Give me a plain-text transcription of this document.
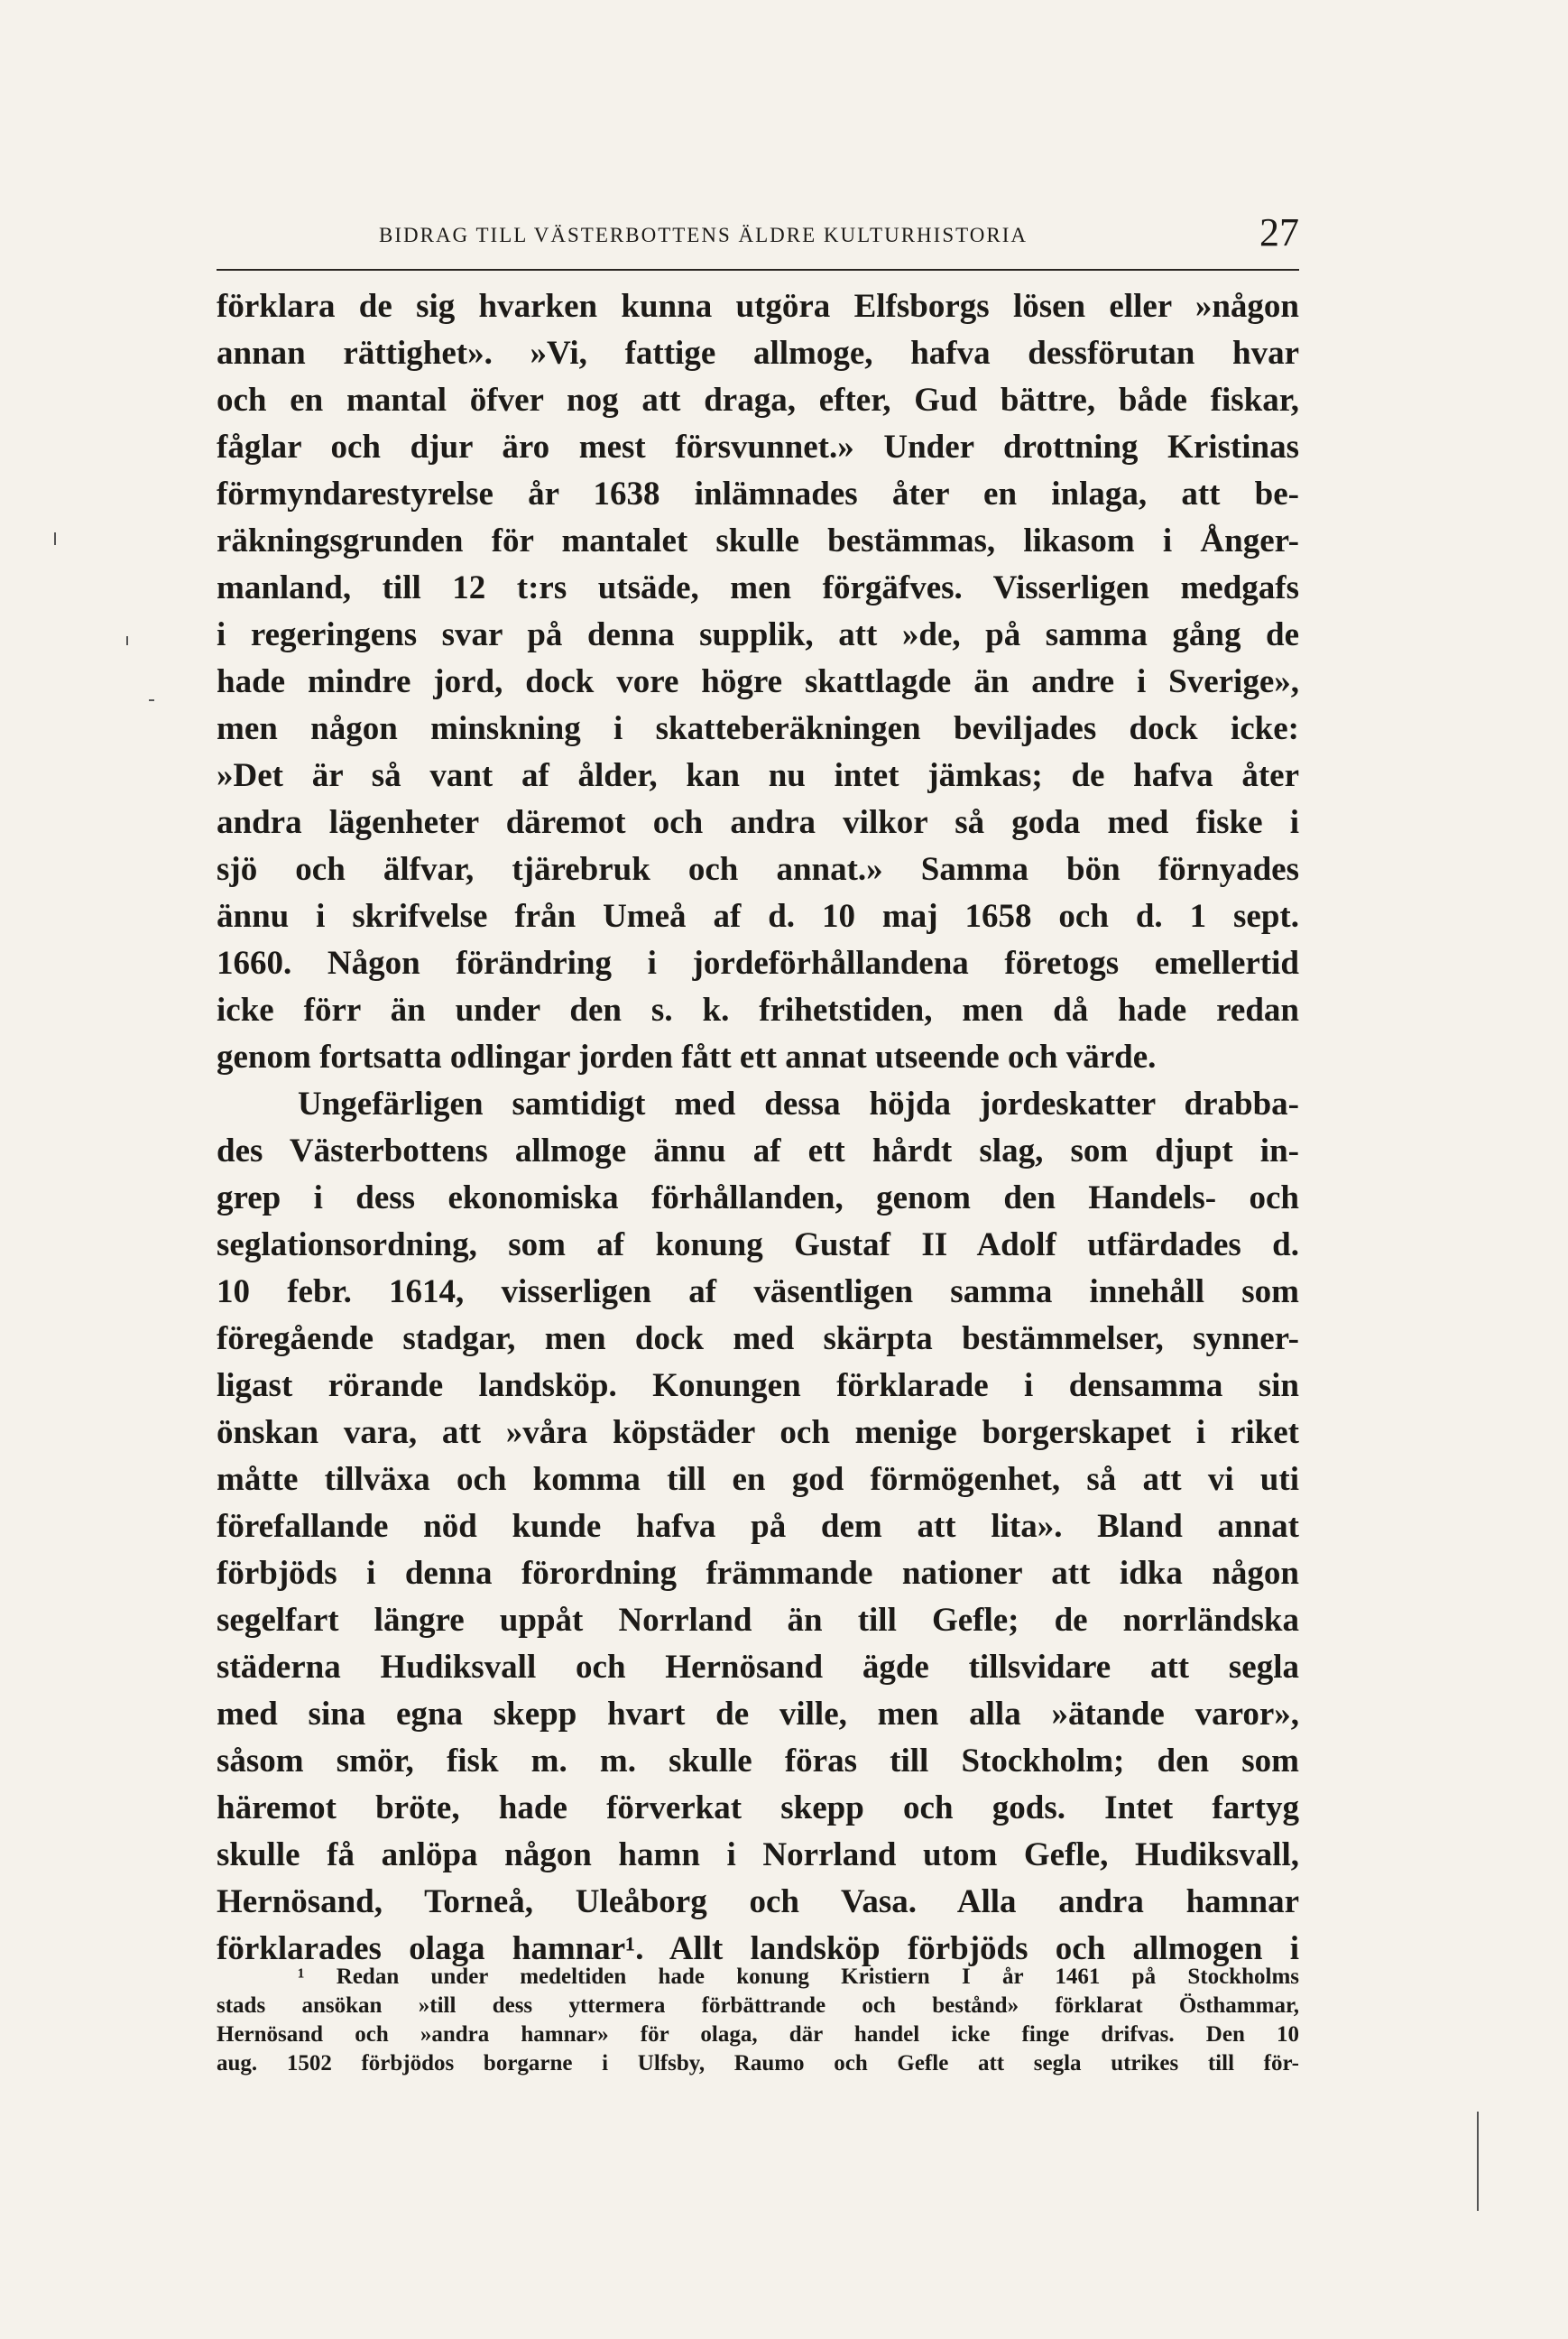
BIDRAG TILL VÄSTERBOTTENS ÄLDRE KULTURHISTORIA	27
förklara de sig hvarken kunna utgöra Elfsborgs lösen eller »någon
annan rättighet». »Vi, fattige allmoge, hafva dessförutan hvar
och en mantal öfver nog att draga, efter, Gud bättre, både fiskar,
fåglar och djur äro mest försvunnet.» Under drottning Kristinas
förmyndarestyrelse år 1638 inlämnades åter en inlaga, att be-
räkningsgrunden för mantalet skulle bestämmas, likasom i Ånger-
manland, till 12 t:rs utsäde, men förgäfves. Visserligen medgafs
i regeringens svar på denna supplik, att »de, på samma gång de
hade mindre jord, dock vore högre skattlagde än andre i Sverige»,
men någon minskning i skatteberäkningen beviljades dock icke:
»Det är så vant af ålder, kan nu intet jämkas; de hafva åter
andra lägenheter däremot och andra vilkor så goda med fiske i
sjö och älfvar, tjärebruk och annat.» Samma bön förnyades
ännu i skrifvelse från Umeå af d. 10 maj 1658 och d. 1 sept.
1660. Någon förändring i jordeförhållandena företogs emellertid
icke förr än under den s. k. frihetstiden, men då hade redan
genom fortsatta odlingar jorden fått ett annat utseende och värde.
Ungefärligen samtidigt med dessa höjda jordeskatter drabba-
des Västerbottens allmoge ännu af ett hårdt slag, som djupt in-
grep i dess ekonomiska förhållanden, genom den Handels- och
seglationsordning, som af konung Gustaf II Adolf utfärdades d.
10 febr. 1614, visserligen af väsentligen samma innehåll som
föregående stadgar, men dock med skärpta bestämmelser, synner-
ligast rörande landsköp. Konungen förklarade i densamma sin
önskan vara, att »våra köpstäder och menige borgerskapet i riket
måtte tillväxa och komma till en god förmögenhet, så att vi uti
förefallande nöd kunde hafva på dem att lita». Bland annat
förbjöds i denna förordning främmande nationer att idka någon
segelfart längre uppåt Norrland än till Gefle; de norrländska
städerna Hudiksvall och Hernösand ägde tillsvidare att segla
med sina egna skepp hvart de ville, men alla »ätande varor»,
såsom smör, fisk m. m. skulle föras till Stockholm; den som
häremot bröte, hade förverkat skepp och gods. Intet fartyg
skulle få anlöpa någon hamn i Norrland utom Gefle, Hudiksvall,
Hernösand, Torneå, Uleåborg och Vasa. Alla andra hamnar
förklarades olaga hamnar¹. Allt landsköp förbjöds och allmogen i
¹ Redan under medeltiden hade konung Kristiern I år 1461 på Stockholms
stads ansökan »till dess yttermera förbättrande och bestånd» förklarat Östhammar,
Hernösand och »andra hamnar» för olaga, där handel icke finge drifvas. Den 10
aug. 1502 förbjödos borgarne i Ulfsby, Raumo och Gefle att segla utrikes till för-
